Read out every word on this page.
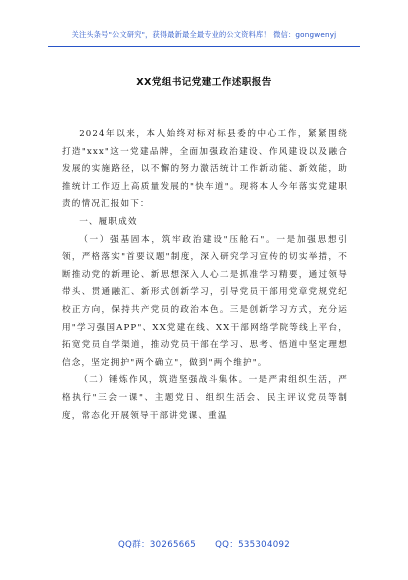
关注头条号"公文研究"，获得最新最全最专业的公文资料库！ 微信：gongwenyj
XX党组书记党建工作述职报告

2024年以来，本人始终对标对标县委的中心工作，紧紧围绕打造"xxx"这一党建品牌，全面加强政治建设、作风建设以及融合发展的实施路径，以不懈的努力激活统计工作新动能、新效能，助推统计工作迈上高质量发展的"快车道"。现将本人今年落实党建职责的情况汇报如下：

一、履职成效

（一）强基固本，筑牢政治建设"压舱石"。一是加强思想引领，严格落实"首要议题"制度，深入研究学习宣传的切实举措，不断推动党的新理论、新思想深入人心二是抓准学习精要，通过领导带头、贯通融汇、新形式创新学习，引导党员干部用党章党规党纪校正方向，保持共产党员的政治本色。三是创新学习方式，充分运用"学习强国APP"、XX党建在线、XX干部网络学院等线上平台，拓宽党员自学渠道，推动党员干部在学习、思考、悟道中坚定理想信念，坚定拥护"两个确立"，做到"两个维护"。

（二）锤炼作风，筑造坚强战斗集体。一是严肃组织生活，严格执行"三会一课"、主题党日、组织生活会、民主评议党员等制度，常态化开展领导干部讲党课、重温

QQ群：30265665 QQ：535304092
